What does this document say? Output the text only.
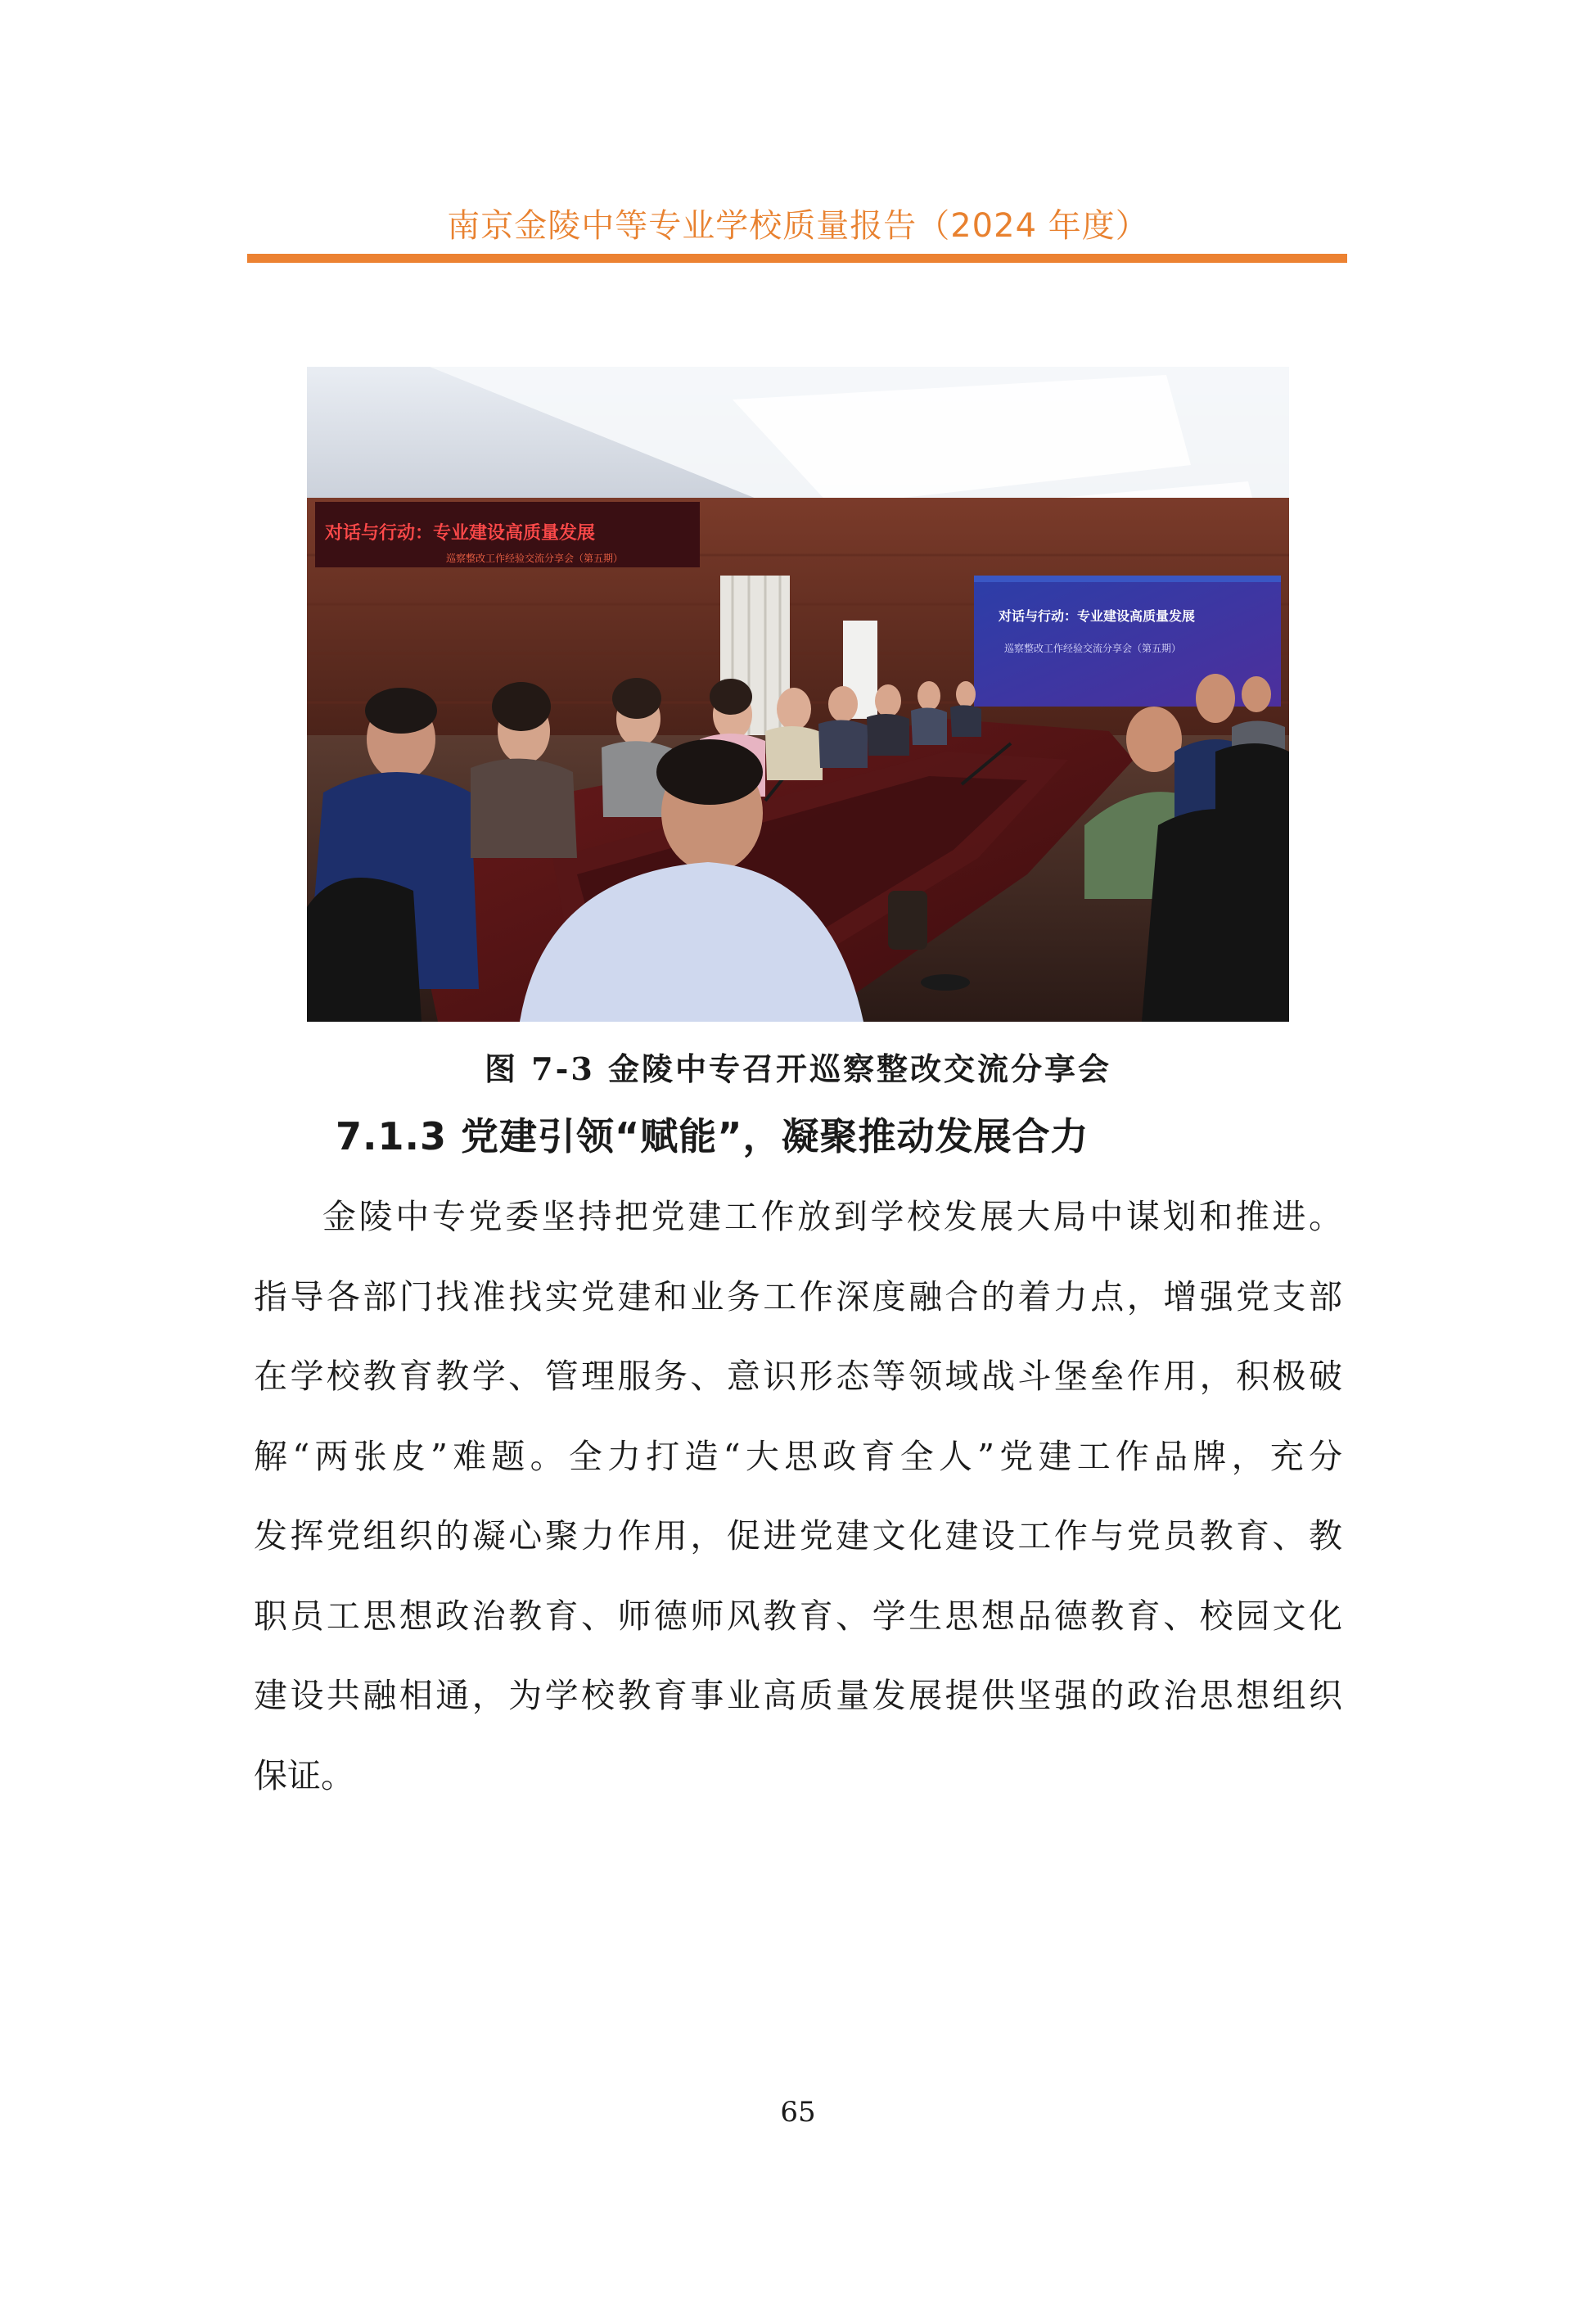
南京金陵中等专业学校质量报告（2024 年度）
对话与行动：专业建设高质量发展
巡察整改工作经验交流分享会（第五期）
对话与行动：专业建设高质量发展
巡察整改工作经验交流分享会（第五期）
图 7-3 金陵中专召开巡察整改交流分享会
7.1.3 党建引领“赋能”，凝聚推动发展合力
金陵中专党委坚持把党建工作放到学校发展大局中谋划和推进。
指导各部门找准找实党建和业务工作深度融合的着力点，增强党支部
在学校教育教学、管理服务、意识形态等领域战斗堡垒作用，积极破
解“两张皮”难题。全力打造“大思政育全人”党建工作品牌，充分
发挥党组织的凝心聚力作用，促进党建文化建设工作与党员教育、教
职员工思想政治教育、师德师风教育、学生思想品德教育、校园文化
建设共融相通，为学校教育事业高质量发展提供坚强的政治思想组织
保证。
65
